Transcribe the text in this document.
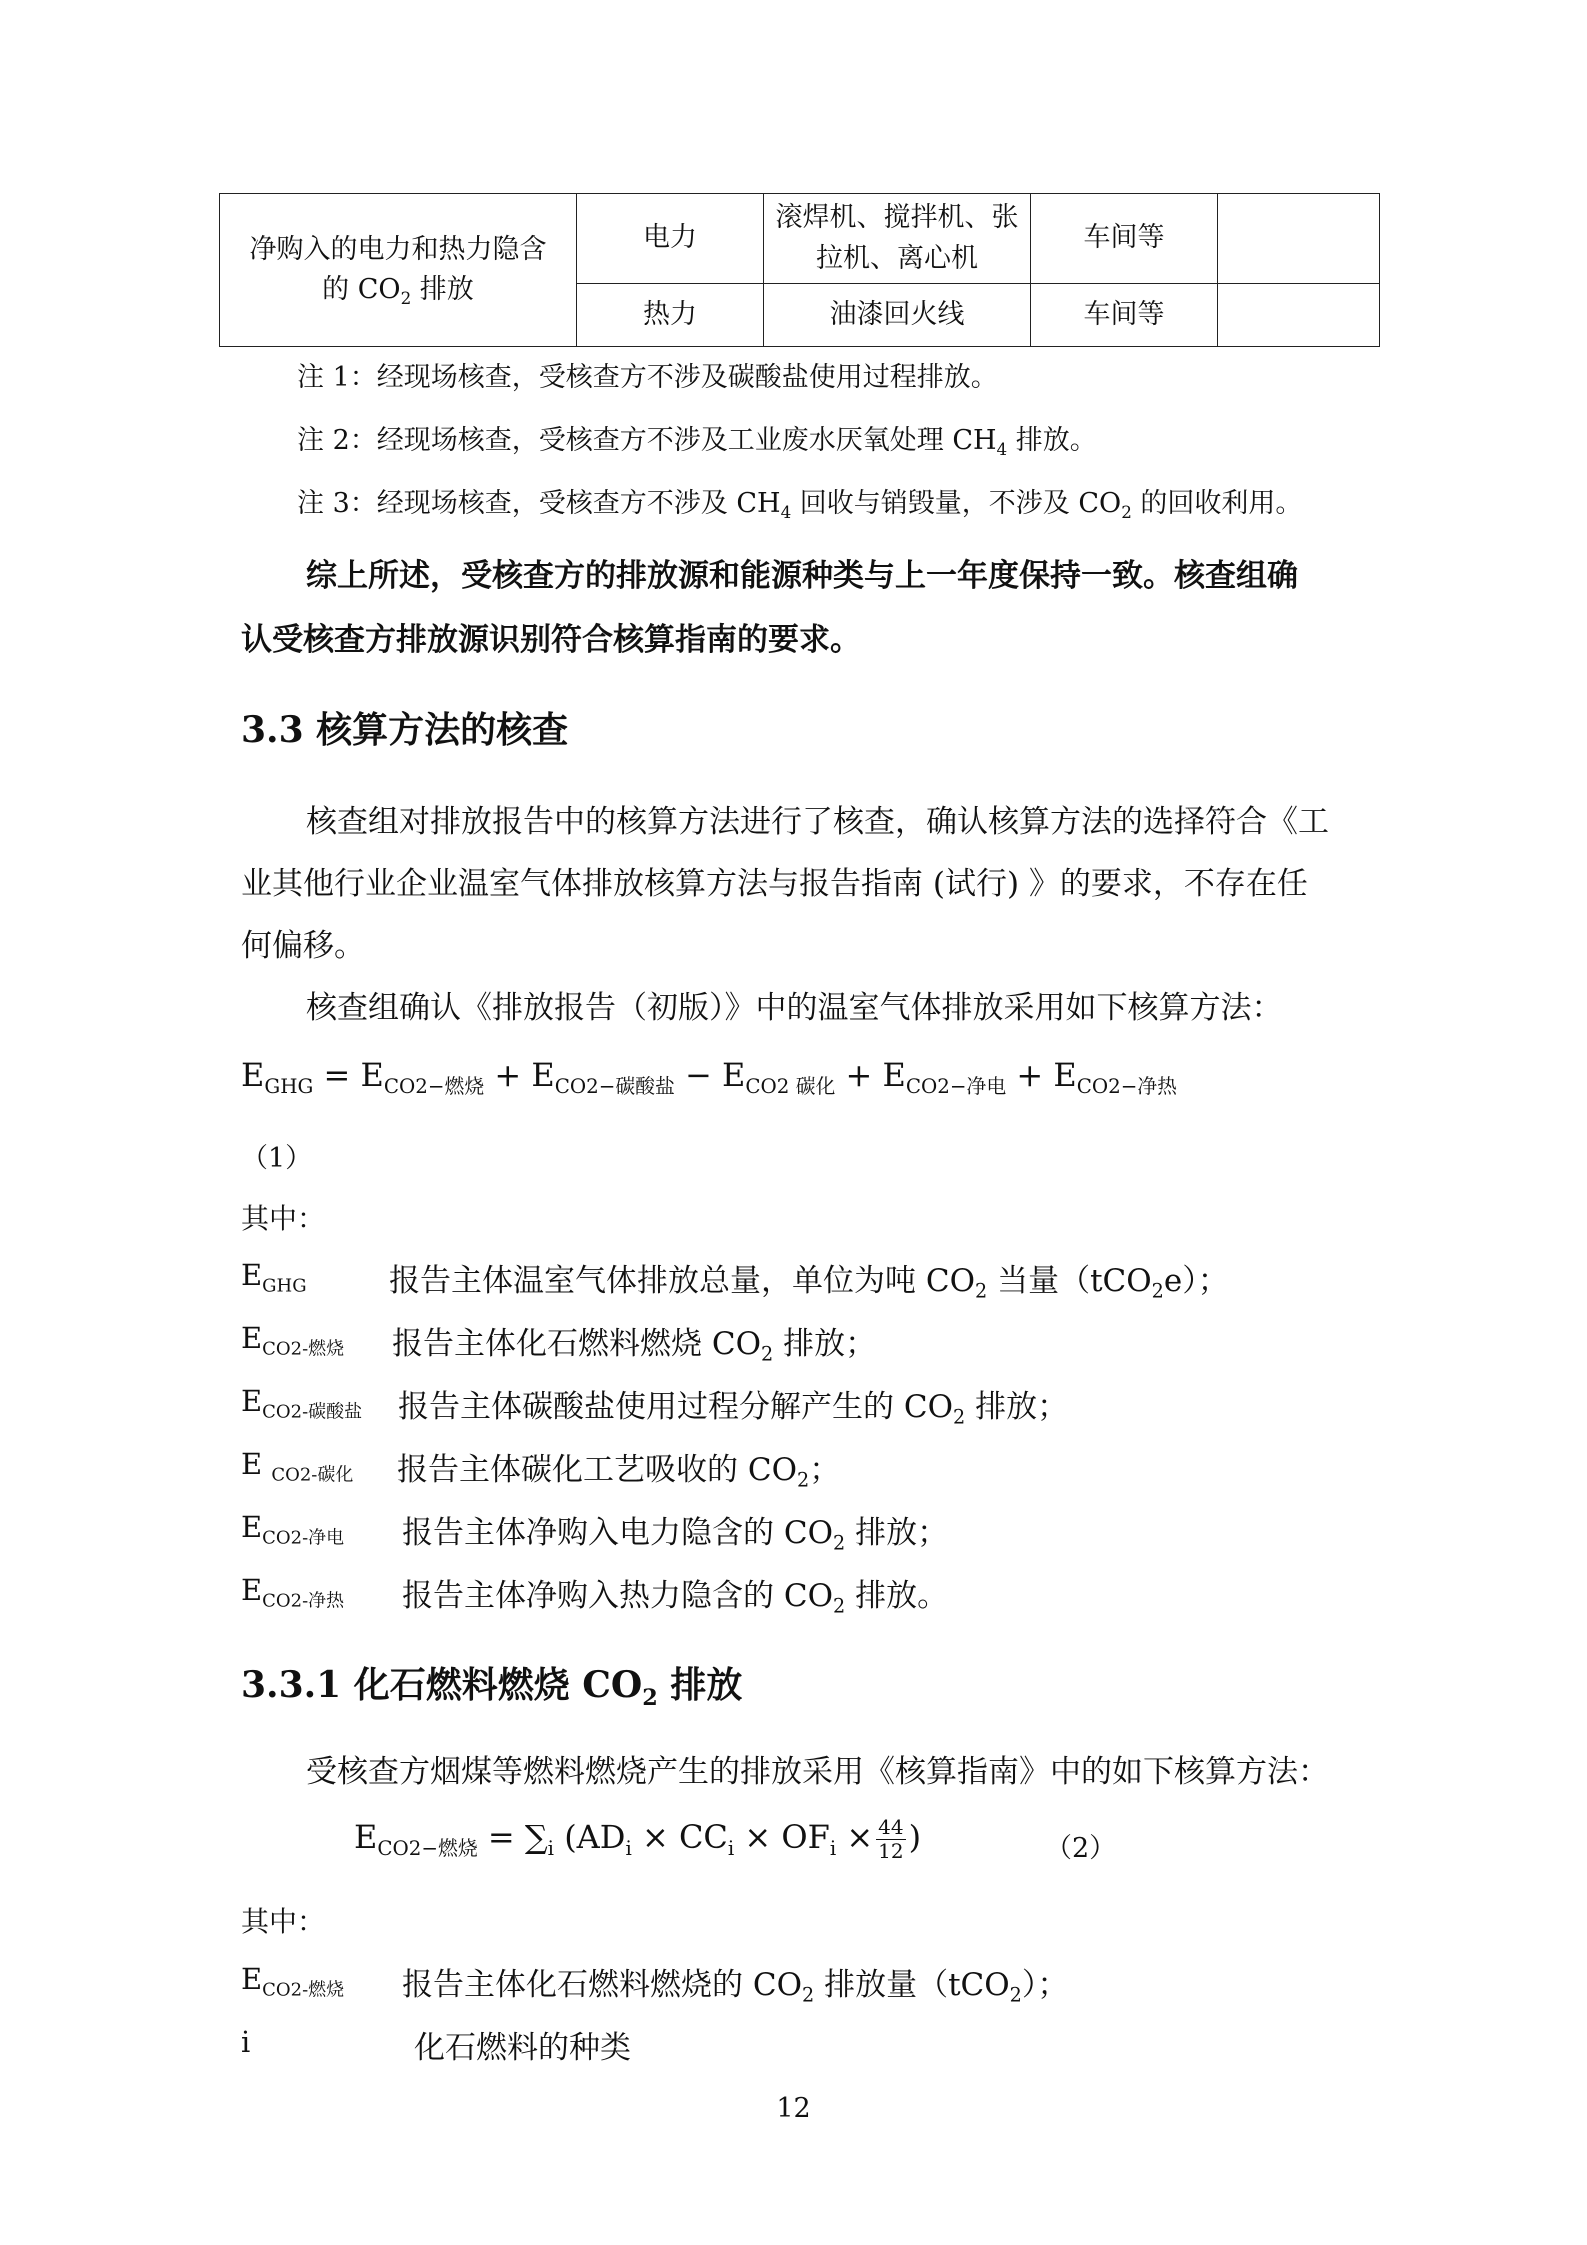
净购入的电力和热力隐含
的 $CO_2$ 排放	电力	滚焊机、搅拌机、张
拉机、离心机	车间等	
	热力	油漆回火线	车间等	
注 1：经现场核查，受核查方不涉及碳酸盐使用过程排放。
注 2：经现场核查，受核查方不涉及工业废水厌氧处理 $CH_4$ 排放。
注 3：经现场核查，受核查方不涉及 $CH_4$ 回收与销毁量，不涉及 $CO_2$ 的回收利用。
综上所述，受核查方的排放源和能源种类与上一年度保持一致。核查组确
认受核查方排放源识别符合核算指南的要求。
3.3 核算方法的核查
核查组对排放报告中的核算方法进行了核查，确认核算方法的选择符合《工
业其他行业企业温室气体排放核算方法与报告指南 (试行) 》的要求，不存在任
何偏移。
核查组确认《排放报告（初版）》中的温室气体排放采用如下核算方法：
$E_{GHG} = E_{CO2-燃烧} + E_{CO2-碳酸盐} - E_{CO2 碳化} + E_{CO2-净电} + E_{CO2-净热}$
（1）
其中：
$E_{GHG}$	报告主体温室气体排放总量，单位为吨 $CO_2$ 当量（tCO$_2$e）；
$E_{CO2-燃烧}$ 报告主体化石燃料燃烧 $CO_2$ 排放；
$E_{CO2-碳酸盐}$ 报告主体碳酸盐使用过程分解产生的 $CO_2$ 排放；
E $_{CO2-碳化}$ 报告主体碳化工艺吸收的 $CO_2$；
$E_{CO2-净电}$ 报告主体净购入电力隐含的 $CO_2$ 排放；
$E_{CO2-净热}$ 报告主体净购入热力隐含的 $CO_2$ 排放。
3.3.1 化石燃料燃烧 $CO_2$ 排放
受核查方烟煤等燃料燃烧产生的排放采用《核算指南》中的如下核算方法：
$E_{CO2-燃烧} = \sum_i$ ($AD_i \times CC_i \times OF_i \times \frac{44}{12}$ )	（2）
其中：
$E_{CO2-燃烧}$ 报告主体化石燃料燃烧的 $CO_2$ 排放量（tCO$_2$）；
i	化石燃料的种类
12
